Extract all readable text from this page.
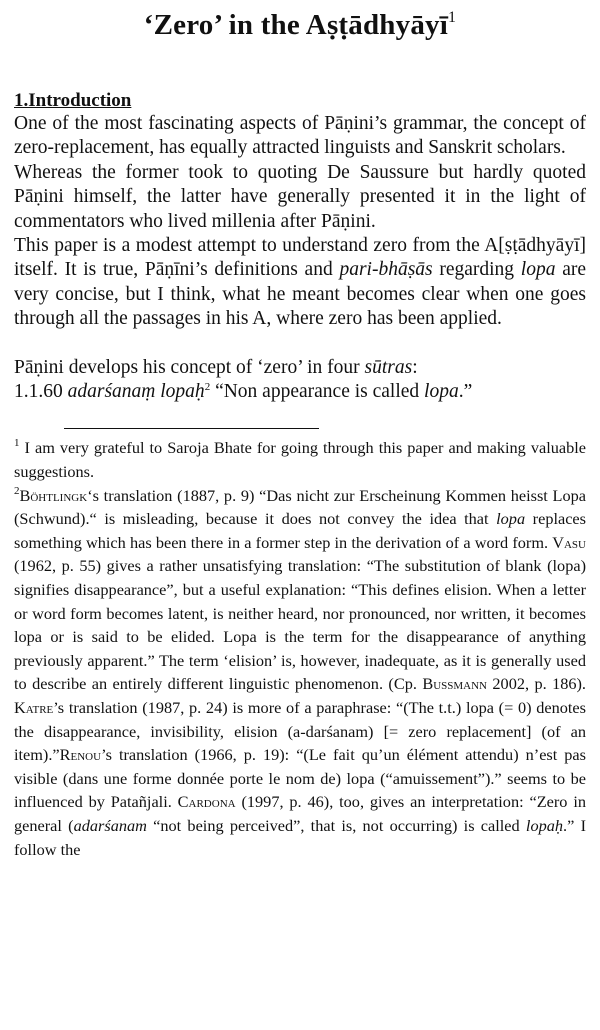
‘Zero’ in the Aṣṭādhyāyī$^1$
1.Introduction

One of the most fascinating aspects of Pāṇini’s grammar, the concept of zero-replacement, has equally attracted linguists and Sanskrit scholars.

Whereas the former took to quoting De Saussure but hardly quoted Pāṇini himself, the latter have generally presented it in the light of commentators who lived millenia after Pāṇini.

This paper is a modest attempt to understand zero from the A[ṣṭādhyāyī] itself. It is true, Pāṇīni’s definitions and pari-bhāṣās regarding lopa are very concise, but I think, what he meant becomes clear when one goes through all the passages in his A, where zero has been applied.

Pāṇini develops his concept of ‘zero’ in four sūtras:

1.1.60 adarśanaṃ lopaḥ$^2$ “Non appearance is called lopa.”

$^1$ I am very grateful to Saroja Bhate for going through this paper and making valuable suggestions.

$^2$Böhtlingk‘s translation (1887, p. 9) “Das nicht zur Erscheinung Kommen heisst Lopa (Schwund).“ is misleading, because it does not convey the idea that lopa replaces something which has been there in a former step in the derivation of a word form. Vasu (1962, p. 55) gives a rather unsatisfying translation: “The substitution of blank (lopa) signifies disappearance”, but a useful explanation: “This defines elision. When a letter or word form becomes latent, is neither heard, nor pronounced, nor written, it becomes lopa or is said to be elided. Lopa is the term for the disappearance of anything previously apparent.” The term ‘elision’ is, however, inadequate, as it is generally used to describe an entirely different linguistic phenomenon. (Cp. Bußmann 2002, p. 186). Katre’s translation (1987, p. 24) is more of a paraphrase: “(The t.t.) lopa (= 0) denotes the disappearance, invisibility, elision (a-darśanam) [= zero replacement] (of an item).”Renou’s translation (1966, p. 19): “(Le fait qu’un élément attendu) n’est pas visible (dans une forme donnée porte le nom de) lopa (“amuissement”).” seems to be influenced by Patañjali. Cardona (1997, p. 46), too, gives an interpretation: “Zero in general (adarśanam “not being perceived”, that is, not occurring) is called lopaḥ.” I follow the
